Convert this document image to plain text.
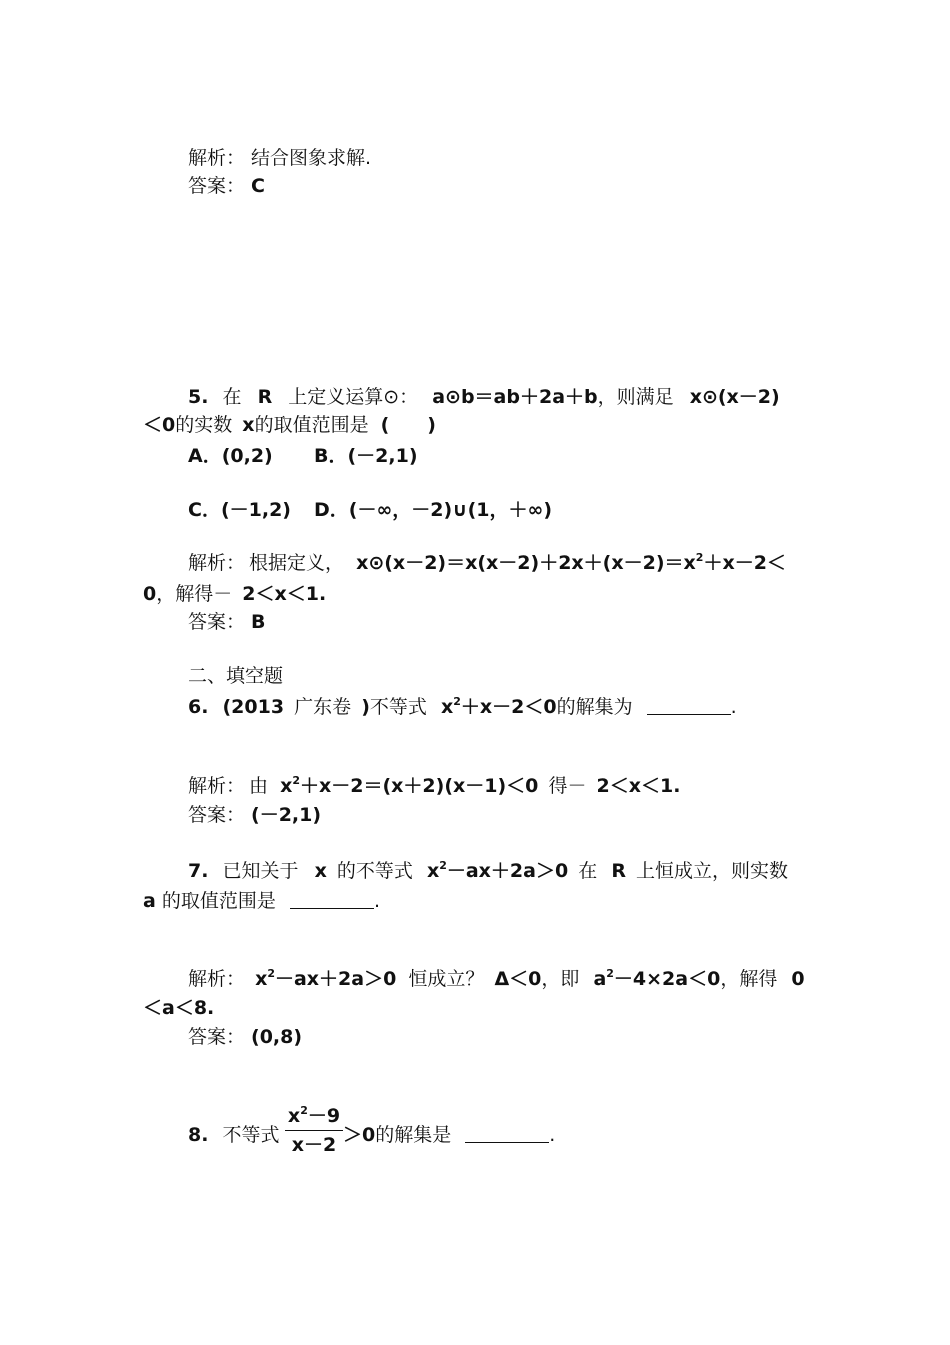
解析： 结合图象求解.
答案： C
5. 在 R 上定义运算⊙： a⊙b＝ab＋2a＋b，则满足 x⊙(x－2)
＜0的实数 x的取值范围是 (　　)
A．(0,2) B．(－2,1)
C．(－1,2) D．(－∞，－2)∪(1，＋∞)
解析： 根据定义， $x⊙(x-2)=x(x-2)+2x+(x-2)=x^2+x-2<$
0，解得－ 2＜x＜1.
答案： B
二、填空题
6. (2013 广东卷 )不等式 $x^2+x-2<0$的解集为	.
解析： 由 $x^2+x-2=(x+2)(x-1)<0$ 得－ 2＜x＜1.
答案： (－2,1)
7. 已知关于 x 的不等式 $x^2-ax+2a>0$ 在 R 上恒成立，则实数
a 的取值范围是	.
解析： $x^2-ax+2a>0$ 恒成立？ Δ＜0，即 $a^2-4\times 2a<0$，解得 0
＜a＜8.
答案： (0,8)
8. 不等式 $\frac{x^2-9}{x-2} >0$的解集是	.
